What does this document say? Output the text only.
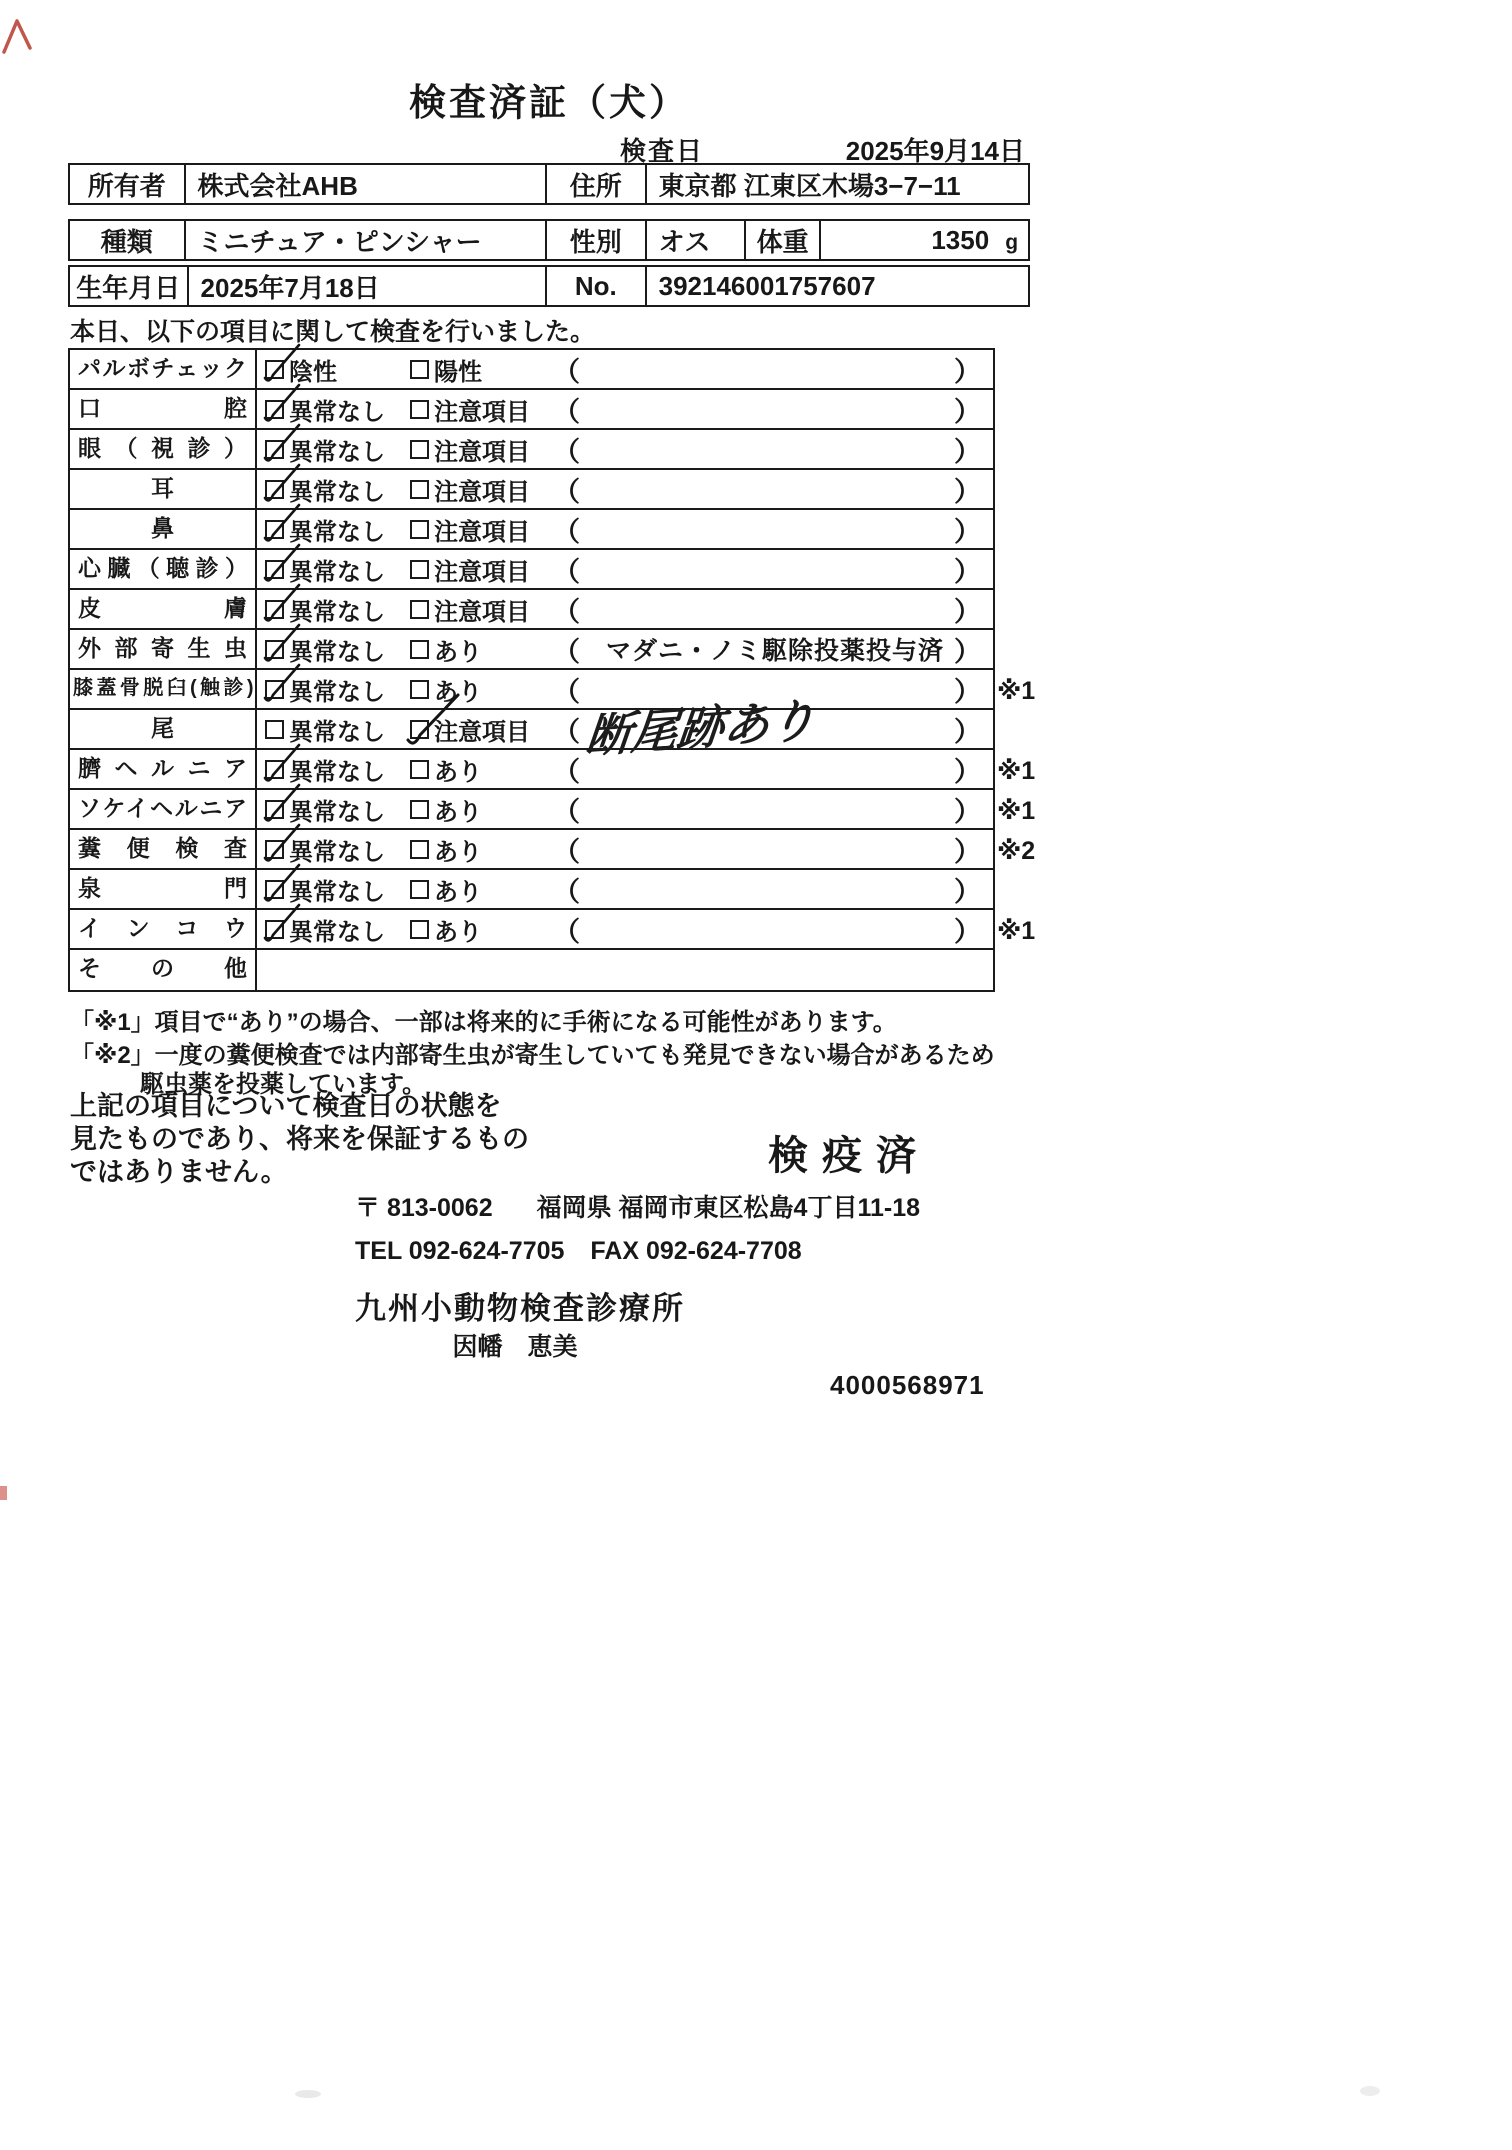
検査済証（犬）
検査日	2025年9月14日
所有者	株式会社AHB	住所	東京都 江東区木場3−7−11
種類	ミニチュア・ピンシャー	性別	オス	体重	1350 g
生年月日 2025年7月18日	No.	392146001757607
本日、以下の項目に関して検査を行いました。
パルボチェック	陰性	陽性	（	）
口 腔	異常なし 注意項目 （	）
眼 （ 視 診 ）	異常なし 注意項目 （	）
耳	異常なし 注意項目 （	）
鼻	異常なし 注意項目 （	）
心 臓 （ 聴 診 ）	異常なし 注意項目 （	）
皮 膚	異常なし 注意項目 （	）
外 部 寄 生 虫	異常なし あり	（ マダニ・ノミ駆除投薬投与済 ）
膝蓋骨脱臼(触診) 異常なし あり	（	） ※1
尾	異常なし 注意項目 （ 断尾跡あり	）
臍 ヘ ル ニ ア	異常なし あり	（	） ※1
ソケイヘルニア	異常なし あり	（	） ※1
糞 便 検 査	異常なし あり	（	） ※2
泉 門	異常なし あり	（	）
イ ン コ ウ	異常なし あり	（	） ※1
そ の 他
「※1」項目で“あり”の場合、一部は将来的に手術になる可能性があります。
「※2」一度の糞便検査では内部寄生虫が寄生していても発見できない場合があるため
駆虫薬を投薬しています。
上記の項目について検査日の状態を
見たものであり、将来を保証するもの
ではありません。	検疫済
〒 813-0062 福岡県 福岡市東区松島4丁目11-18
TEL 092-624-7705 FAX 092-624-7708
九州小動物検査診療所
因幡　恵美
4000568971
